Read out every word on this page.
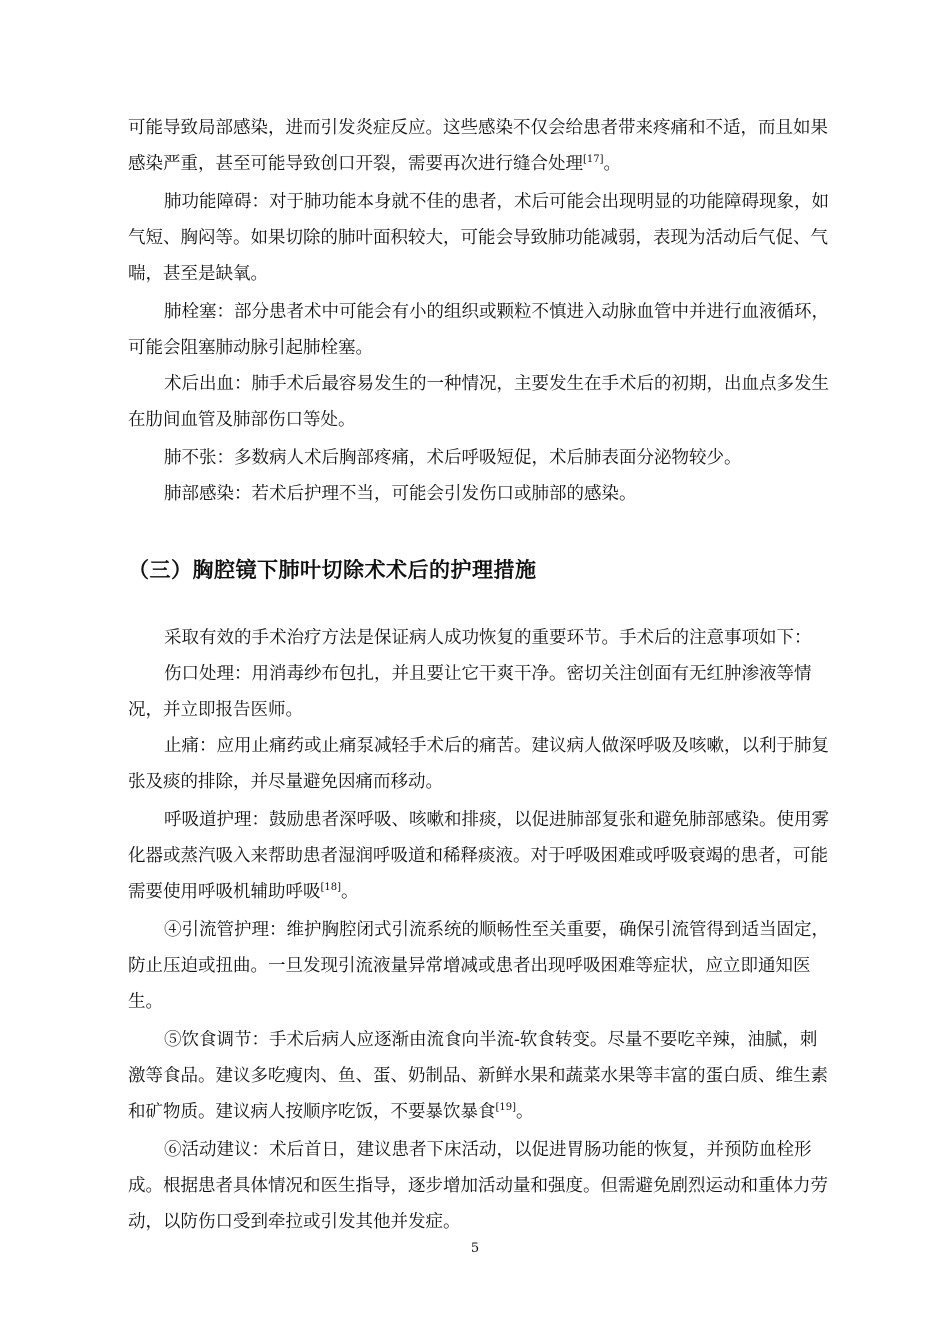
可能导致局部感染，进而引发炎症反应。这些感染不仅会给患者带来疼痛和不适，而且如果感染严重，甚至可能导致创口开裂，需要再次进行缝合处理[17]。

肺功能障碍：对于肺功能本身就不佳的患者，术后可能会出现明显的功能障碍现象，如气短、胸闷等。如果切除的肺叶面积较大，可能会导致肺功能减弱，表现为活动后气促、气喘，甚至是缺氧。

肺栓塞：部分患者术中可能会有小的组织或颗粒不慎进入动脉血管中并进行血液循环，可能会阻塞肺动脉引起肺栓塞。

术后出血：肺手术后最容易发生的一种情况，主要发生在手术后的初期，出血点多发生在肋间血管及肺部伤口等处。

肺不张：多数病人术后胸部疼痛，术后呼吸短促，术后肺表面分泌物较少。

肺部感染：若术后护理不当，可能会引发伤口或肺部的感染。

（三）胸腔镜下肺叶切除术术后的护理措施

采取有效的手术治疗方法是保证病人成功恢复的重要环节。手术后的注意事项如下：

伤口处理：用消毒纱布包扎，并且要让它干爽干净。密切关注创面有无红肿渗液等情况，并立即报告医师。

止痛：应用止痛药或止痛泵减轻手术后的痛苦。建议病人做深呼吸及咳嗽，以利于肺复张及痰的排除，并尽量避免因痛而移动。

呼吸道护理：鼓励患者深呼吸、咳嗽和排痰，以促进肺部复张和避免肺部感染。使用雾化器或蒸汽吸入来帮助患者湿润呼吸道和稀释痰液。对于呼吸困难或呼吸衰竭的患者，可能需要使用呼吸机辅助呼吸[18]。

④引流管护理：维护胸腔闭式引流系统的顺畅性至关重要，确保引流管得到适当固定，防止压迫或扭曲。一旦发现引流液量异常增减或患者出现呼吸困难等症状，应立即通知医生。

⑤饮食调节：手术后病人应逐渐由流食向半流-软食转变。尽量不要吃辛辣，油腻，刺激等食品。建议多吃瘦肉、鱼、蛋、奶制品、新鲜水果和蔬菜水果等丰富的蛋白质、维生素和矿物质。建议病人按顺序吃饭，不要暴饮暴食[19]。

⑥活动建议：术后首日，建议患者下床活动，以促进胃肠功能的恢复，并预防血栓形成。根据患者具体情况和医生指导，逐步增加活动量和强度。但需避免剧烈运动和重体力劳动，以防伤口受到牵拉或引发其他并发症。

5
